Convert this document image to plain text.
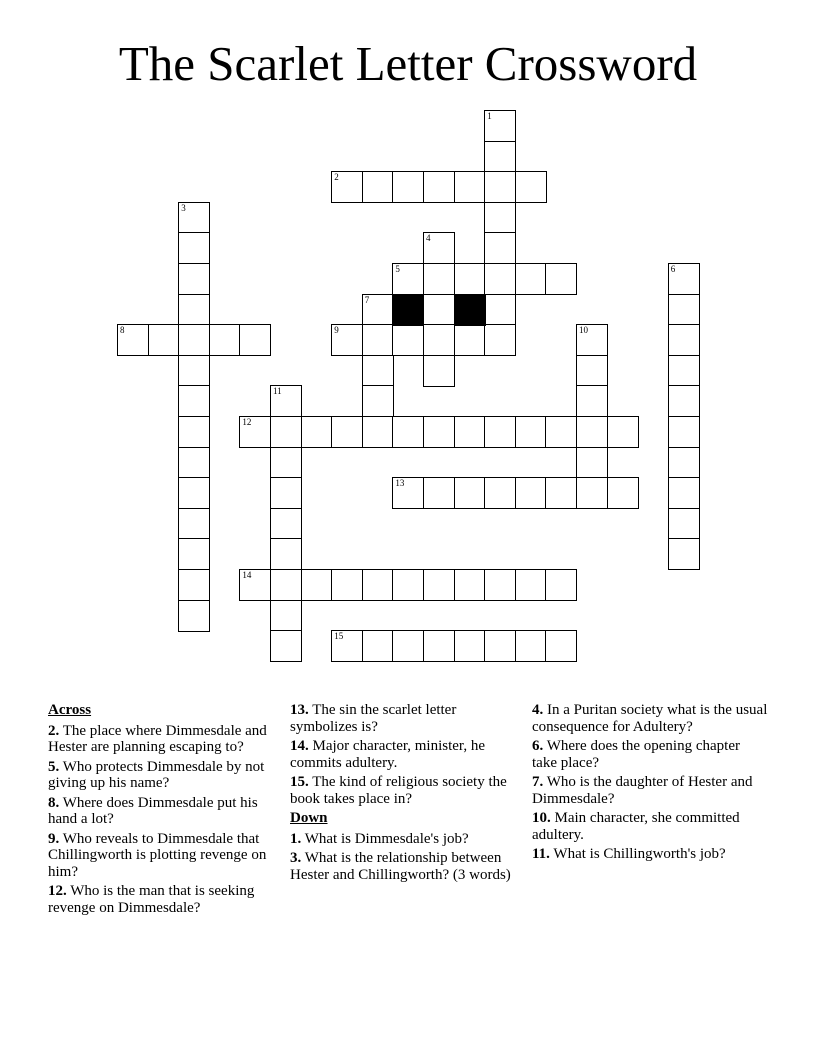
The Scarlet Letter Crossword
1
2
3
4
5	6
7
8	9	10
11
12
13
14
15
Across
2. The place where Dimmesdale and Hester are planning escaping to?
5. Who protects Dimmesdale by not giving up his name?
8. Where does Dimmesdale put his hand a lot?
9. Who reveals to Dimmesdale that Chillingworth is plotting revenge on him?
12. Who is the man that is seeking revenge on Dimmesdale?
13. The sin the scarlet letter symbolizes is?
14. Major character, minister, he commits adultery.
15. The kind of religious society the book takes place in?
Down
1. What is Dimmesdale's job?
3. What is the relationship between Hester and Chillingworth? (3 words)
4. In a Puritan society what is the usual consequence for Adultery?
6. Where does the opening chapter take place?
7. Who is the daughter of Hester and Dimmesdale?
10. Main character, she committed adultery.
11. What is Chillingworth's job?
